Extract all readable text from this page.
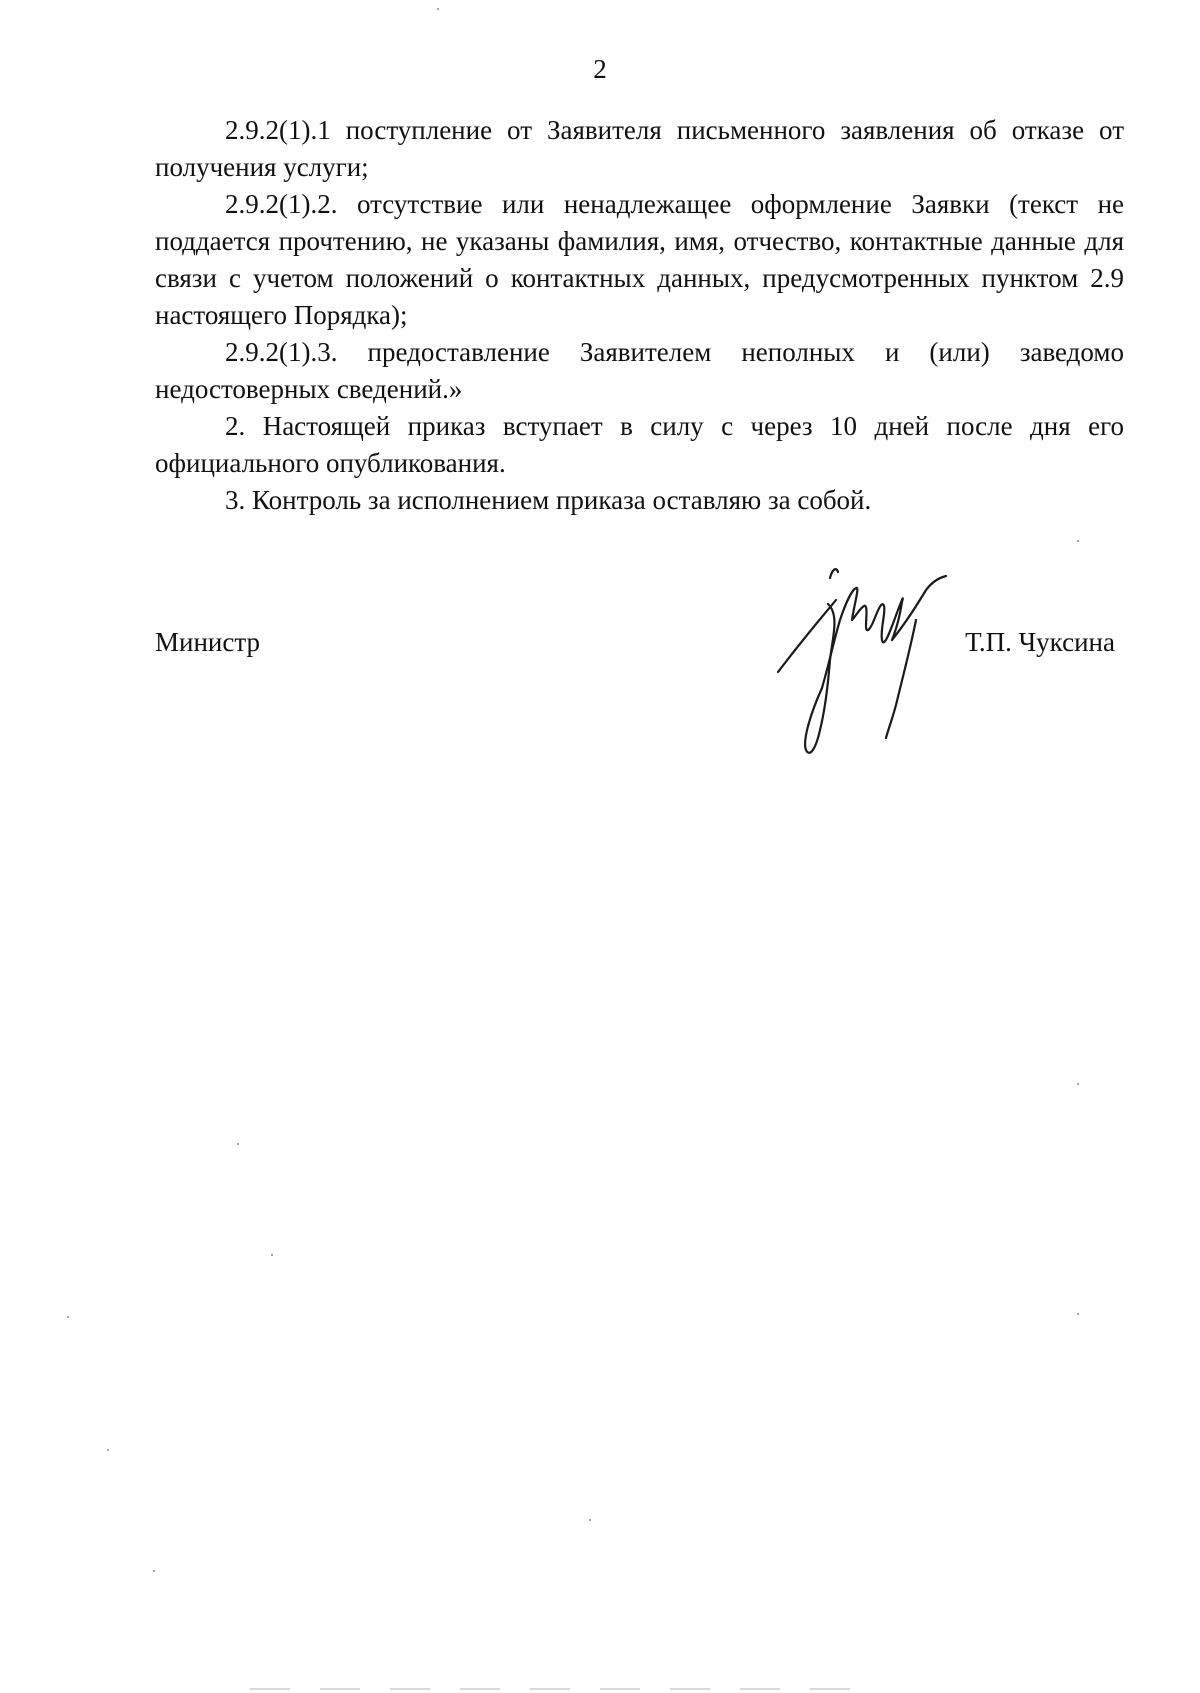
2

2.9.2(1).1 поступление от Заявителя письменного заявления об отказе от получения услуги;

2.9.2(1).2. отсутствие или ненадлежащее оформление Заявки (текст не поддается прочтению, не указаны фамилия, имя, отчество, контактные данные для связи с учетом положений о контактных данных, предусмотренных пунктом 2.9 настоящего Порядка);

2.9.2(1).3. предоставление Заявителем неполных и (или) заведомо недостоверных сведений.»

2. Настоящей приказ вступает в силу с через 10 дней после дня его официального опубликования.

3. Контроль за исполнением приказа оставляю за собой.

Министр	Т.П. Чуксина
